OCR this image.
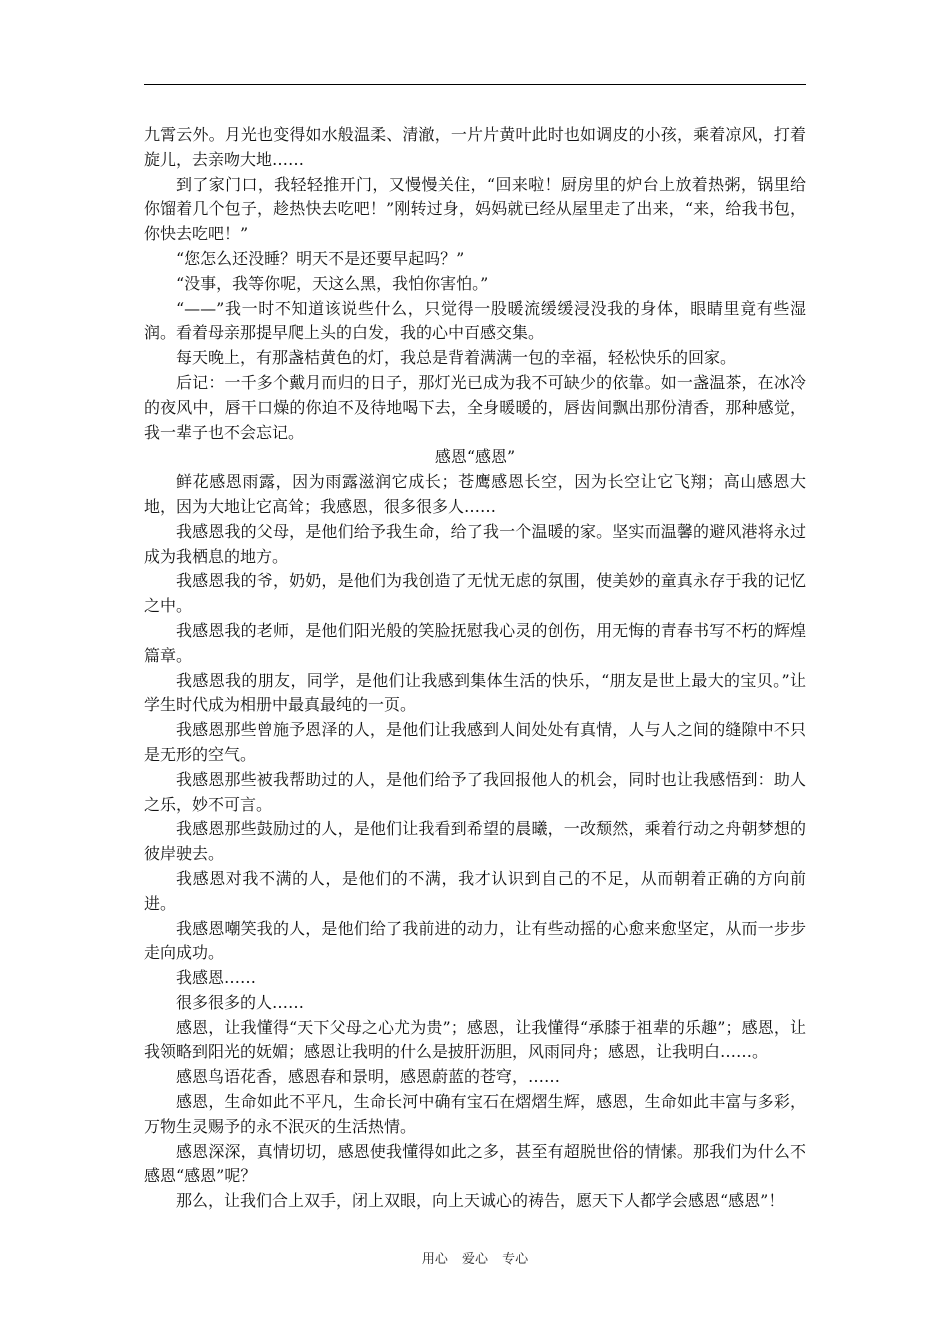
九霄云外。月光也变得如水般温柔、清澈，一片片黄叶此时也如调皮的小孩，乘着凉风，打着旋儿，去亲吻大地……

到了家门口，我轻轻推开门，又慢慢关住，“回来啦！厨房里的炉台上放着热粥，锅里给你馏着几个包子，趁热快去吃吧！”刚转过身，妈妈就已经从屋里走了出来，“来，给我书包，你快去吃吧！”

“您怎么还没睡？明天不是还要早起吗？”

“没事，我等你呢，天这么黑，我怕你害怕。”

“——”我一时不知道该说些什么，只觉得一股暖流缓缓浸没我的身体，眼睛里竟有些湿润。看着母亲那提早爬上头的白发，我的心中百感交集。

每天晚上，有那盏桔黄色的灯，我总是背着满满一包的幸福，轻松快乐的回家。

后记：一千多个戴月而归的日子，那灯光已成为我不可缺少的依靠。如一盏温茶，在冰冷的夜风中，唇干口燥的你迫不及待地喝下去，全身暖暖的，唇齿间飘出那份清香，那种感觉，我一辈子也不会忘记。

感恩“感恩”

鲜花感恩雨露，因为雨露滋润它成长；苍鹰感恩长空，因为长空让它飞翔；高山感恩大地，因为大地让它高耸；我感恩，很多很多人……

我感恩我的父母，是他们给予我生命，给了我一个温暖的家。坚实而温馨的避风港将永过成为我栖息的地方。

我感恩我的爷，奶奶，是他们为我创造了无忧无虑的氛围，使美妙的童真永存于我的记忆之中。

我感恩我的老师，是他们阳光般的笑脸抚慰我心灵的创伤，用无悔的青春书写不朽的辉煌篇章。

我感恩我的朋友，同学，是他们让我感到集体生活的快乐，“朋友是世上最大的宝贝。”让学生时代成为相册中最真最纯的一页。

我感恩那些曾施予恩泽的人，是他们让我感到人间处处有真情，人与人之间的缝隙中不只是无形的空气。

我感恩那些被我帮助过的人，是他们给予了我回报他人的机会，同时也让我感悟到：助人之乐，妙不可言。

我感恩那些鼓励过的人，是他们让我看到希望的晨曦，一改颓然，乘着行动之舟朝梦想的彼岸驶去。

我感恩对我不满的人，是他们的不满，我才认识到自己的不足，从而朝着正确的方向前进。

我感恩嘲笑我的人，是他们给了我前进的动力，让有些动摇的心愈来愈坚定，从而一步步走向成功。

我感恩……

很多很多的人……

感恩，让我懂得“天下父母之心尤为贵”；感恩，让我懂得“承膝于祖辈的乐趣”；感恩，让我领略到阳光的妩媚；感恩让我明的什么是披肝沥胆，风雨同舟；感恩，让我明白……。

感恩鸟语花香，感恩春和景明，感恩蔚蓝的苍穹，……

感恩，生命如此不平凡，生命长河中确有宝石在熠熠生辉，感恩，生命如此丰富与多彩，万物生灵赐予的永不泯灭的生活热情。

感恩深深，真情切切，感恩使我懂得如此之多，甚至有超脱世俗的情愫。那我们为什么不感恩“感恩”呢？

那么，让我们合上双手，闭上双眼，向上天诚心的祷告，愿天下人都学会感恩“感恩”！

用心 爱心 专心
